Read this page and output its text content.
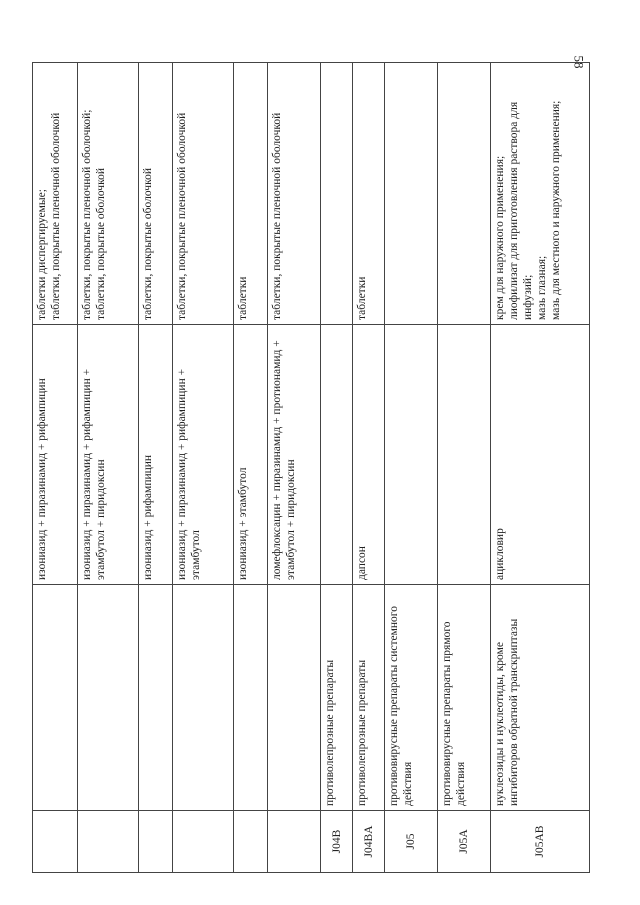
58
		изониазид + пиразинамид + рифампицин	таблетки диспергируемые; таблетки, покрытые пленочной оболочкой

		изониазид + пиразинамид + рифампицин + этамбутол + пиридоксин	таблетки, покрытые пленочной оболочкой; таблетки, покрытые оболочкой

		изониазид + рифампицин	таблетки, покрытые оболочкой

		изониазид + пиразинамид + рифампицин + этамбутол	таблетки, покрытые пленочной оболочкой

		изониазид + этамбутол	таблетки

		ломефлоксацин + пиразинамид + протионамид + этамбутол + пиридоксин	таблетки, покрытые пленочной оболочкой

J04B	противолепрозные препараты		
J04BA	противолепрозные препараты	дапсон	таблетки

J05	противовирусные препараты системного действия		
J05A	противовирусные препараты прямого действия		
J05AB	нуклеозиды и нуклеотиды, кроме ингибиторов обратной транскриптазы	ацикловир	крем для наружного применения; лиофилизат для приготовления раствора для инфузий; мазь глазная; мазь для местного и наружного применения;
